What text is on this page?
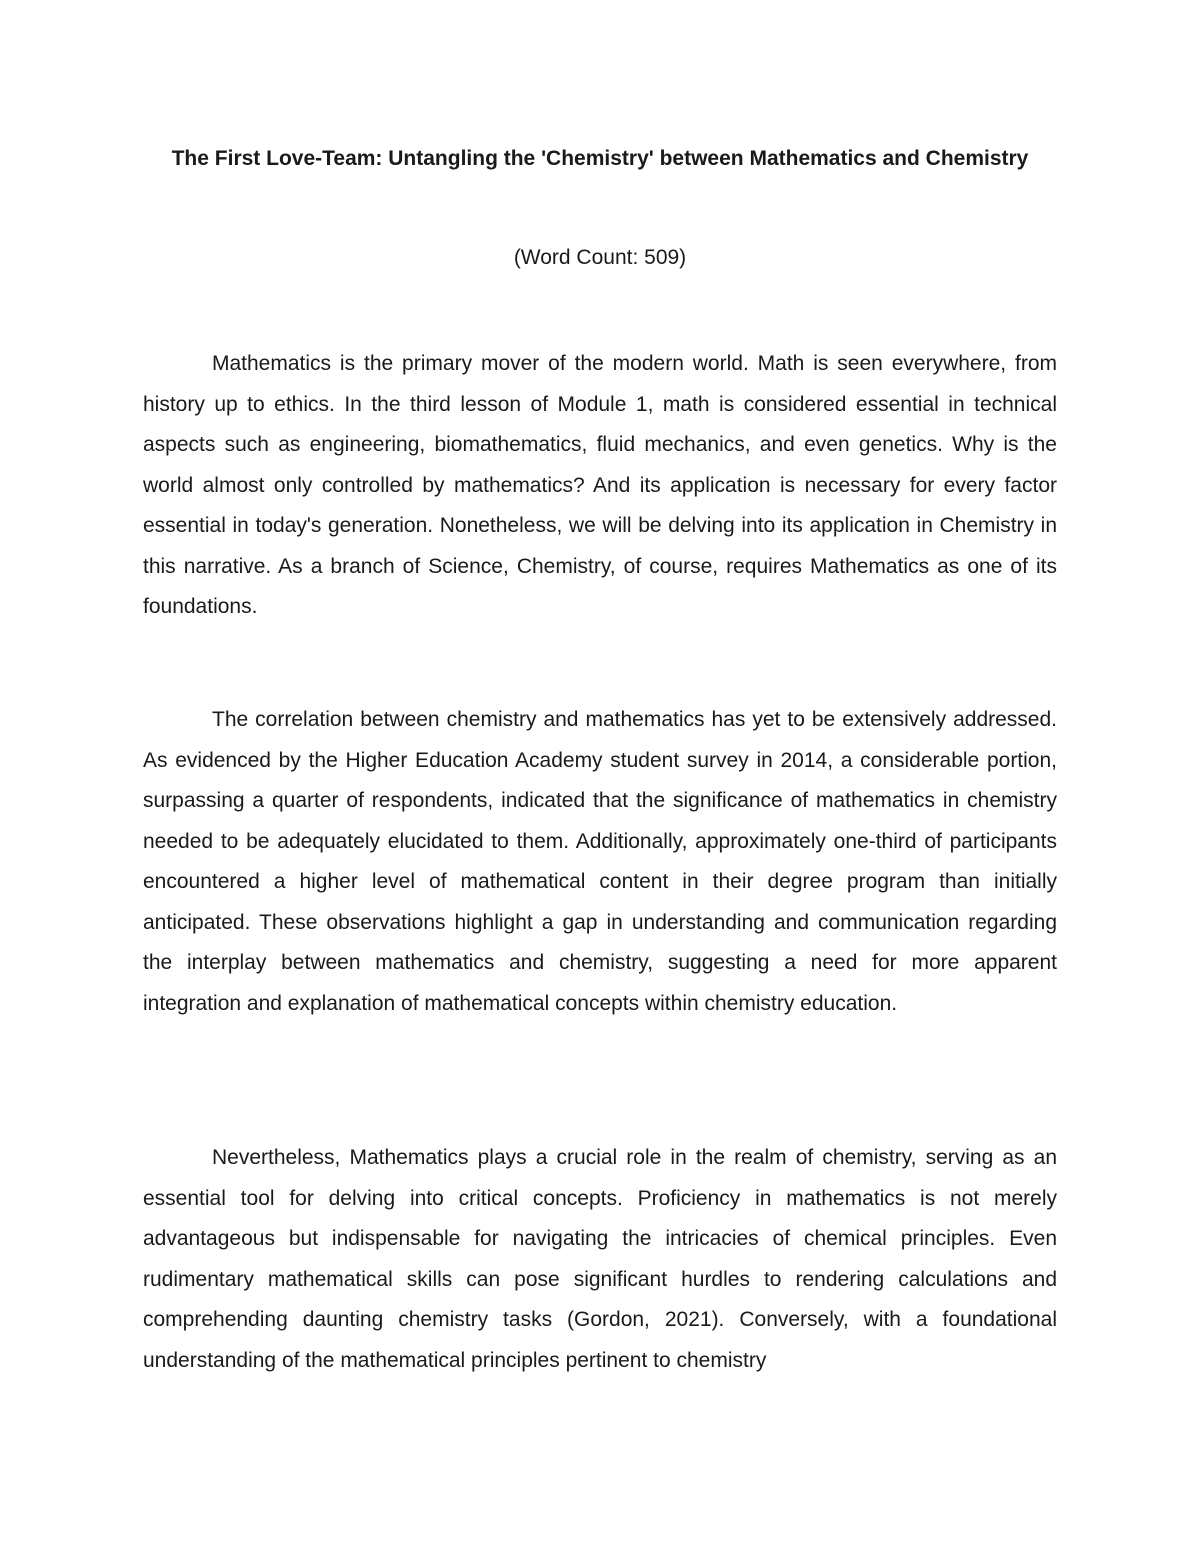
The First Love-Team: Untangling the 'Chemistry' between Mathematics and Chemistry

(Word Count: 509)

Mathematics is the primary mover of the modern world. Math is seen everywhere, from history up to ethics. In the third lesson of Module 1, math is considered essential in technical aspects such as engineering, biomathematics, fluid mechanics, and even genetics. Why is the world almost only controlled by mathematics? And its application is necessary for every factor essential in today's generation. Nonetheless, we will be delving into its application in Chemistry in this narrative. As a branch of Science, Chemistry, of course, requires Mathematics as one of its foundations.

The correlation between chemistry and mathematics has yet to be extensively addressed. As evidenced by the Higher Education Academy student survey in 2014, a considerable portion, surpassing a quarter of respondents, indicated that the significance of mathematics in chemistry needed to be adequately elucidated to them. Additionally, approximately one-third of participants encountered a higher level of mathematical content in their degree program than initially anticipated. These observations highlight a gap in understanding and communication regarding the interplay between mathematics and chemistry, suggesting a need for more apparent integration and explanation of mathematical concepts within chemistry education.

Nevertheless, Mathematics plays a crucial role in the realm of chemistry, serving as an essential tool for delving into critical concepts. Proficiency in mathematics is not merely advantageous but indispensable for navigating the intricacies of chemical principles. Even rudimentary mathematical skills can pose significant hurdles to rendering calculations and comprehending daunting chemistry tasks (Gordon, 2021). Conversely, with a foundational understanding of the mathematical principles pertinent to chemistry
